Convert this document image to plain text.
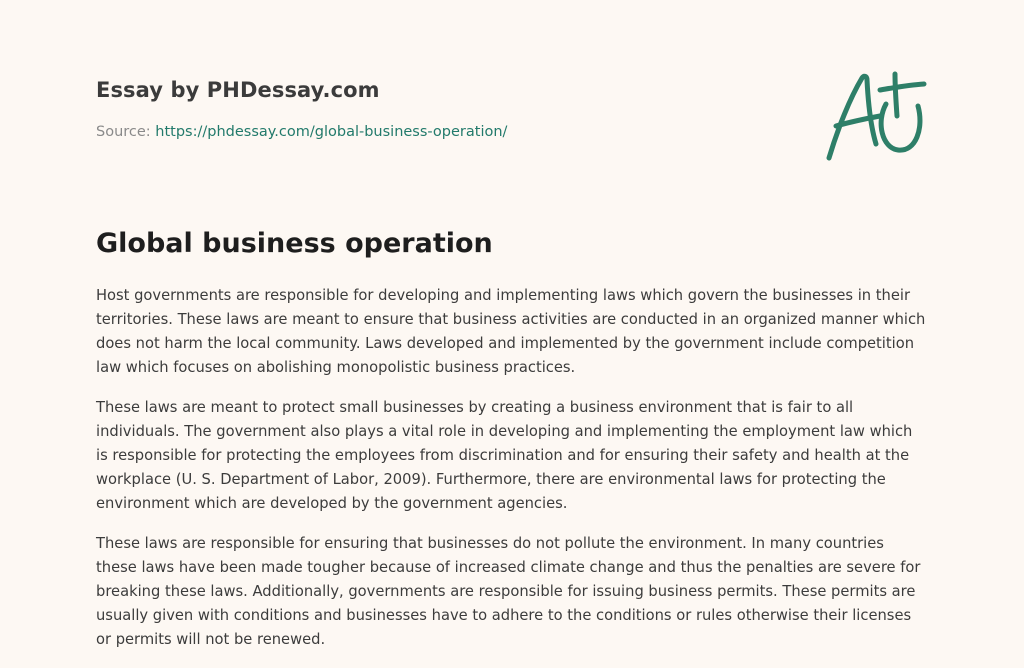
Essay by PHDessay.com
Source: https://phdessay.com/global-business-operation/
Global business operation

Host governments are responsible for developing and implementing laws which govern the businesses in their territories. These laws are meant to ensure that business activities are conducted in an organized manner which does not harm the local community. Laws developed and implemented by the government include competition law which focuses on abolishing monopolistic business practices.

These laws are meant to protect small businesses by creating a business environment that is fair to all individuals. The government also plays a vital role in developing and implementing the employment law which is responsible for protecting the employees from discrimination and for ensuring their safety and health at the workplace (U. S. Department of Labor, 2009). Furthermore, there are environmental laws for protecting the environment which are developed by the government agencies.

These laws are responsible for ensuring that businesses do not pollute the environment. In many countries these laws have been made tougher because of increased climate change and thus the penalties are severe for breaking these laws. Additionally, governments are responsible for issuing business permits. These permits are usually given with conditions and businesses have to adhere to the conditions or rules otherwise their licenses or permits will not be renewed.
